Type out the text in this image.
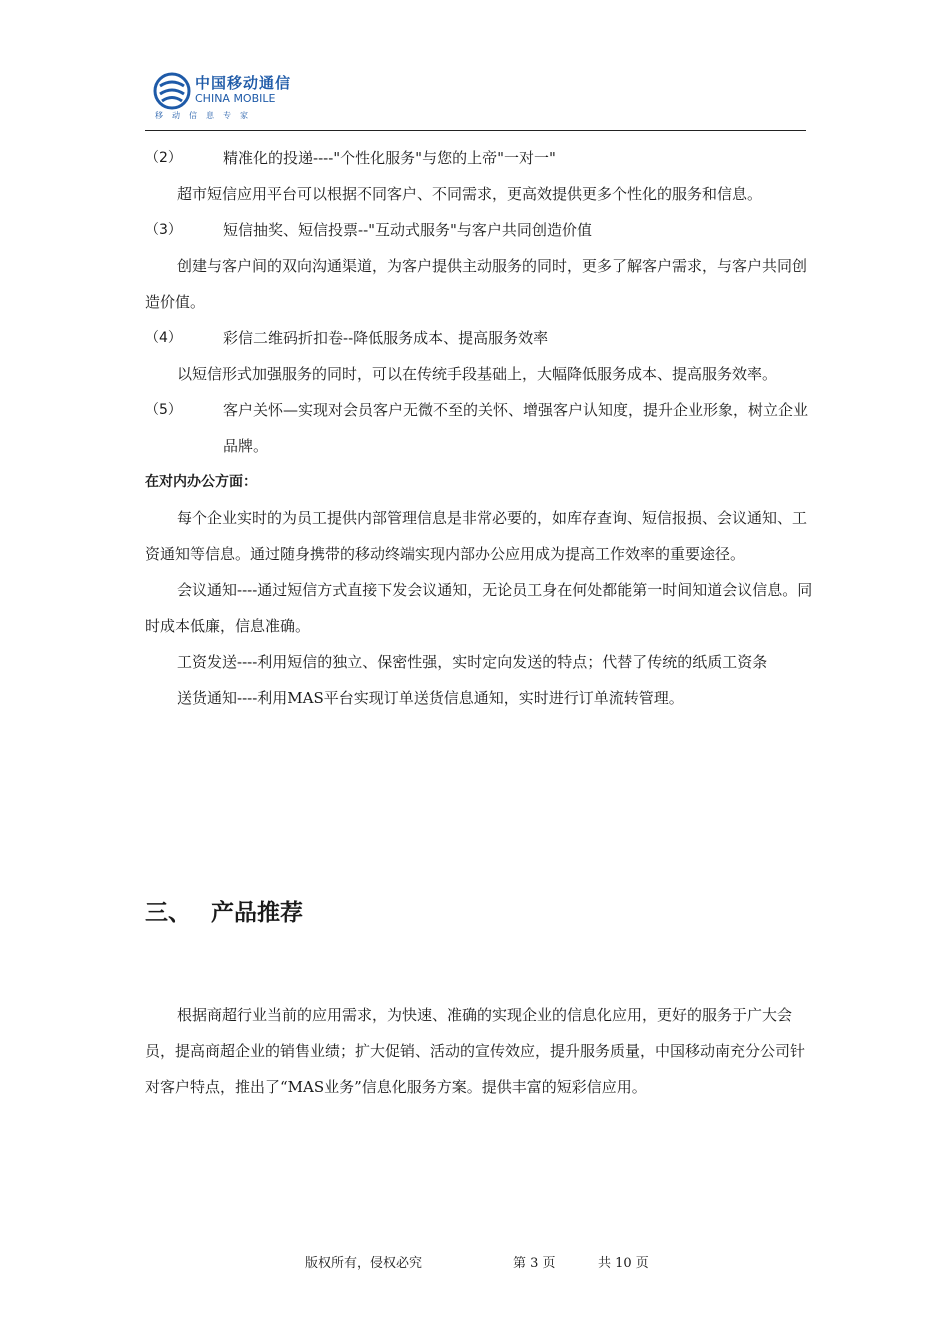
中国移动通信
CHINA MOBILE
移动信息专家
（2）	精准化的投递----"个性化服务"与您的上帝"一对一"

超市短信应用平台可以根据不同客户、不同需求，更高效提供更多个性化的服务和信息。

（3）	短信抽奖、短信投票--"互动式服务"与客户共同创造价值

创建与客户间的双向沟通渠道，为客户提供主动服务的同时，更多了解客户需求，与客户共同创造价值。

（4）	彩信二维码折扣卷--降低服务成本、提高服务效率

以短信形式加强服务的同时，可以在传统手段基础上，大幅降低服务成本、提高服务效率。

（5）	客户关怀—实现对会员客户无微不至的关怀、增强客户认知度，提升企业形象，树立企业品牌。

在对内办公方面：

每个企业实时的为员工提供内部管理信息是非常必要的，如库存查询、短信报损、会议通知、工资通知等信息。通过随身携带的移动终端实现内部办公应用成为提高工作效率的重要途径。

会议通知----通过短信方式直接下发会议通知，无论员工身在何处都能第一时间知道会议信息。同时成本低廉，信息准确。

工资发送----利用短信的独立、保密性强，实时定向发送的特点；代替了传统的纸质工资条

送货通知----利用MAS平台实现订单送货信息通知，实时进行订单流转管理。

三、 产品推荐

根据商超行业当前的应用需求，为快速、准确的实现企业的信息化应用，更好的服务于广大会员，提高商超企业的销售业绩；扩大促销、活动的宣传效应，提升服务质量，中国移动南充分公司针对客户特点，推出了“MAS业务”信息化服务方案。提供丰富的短彩信应用。

版权所有，侵权必究	第 3 页	共 10 页
